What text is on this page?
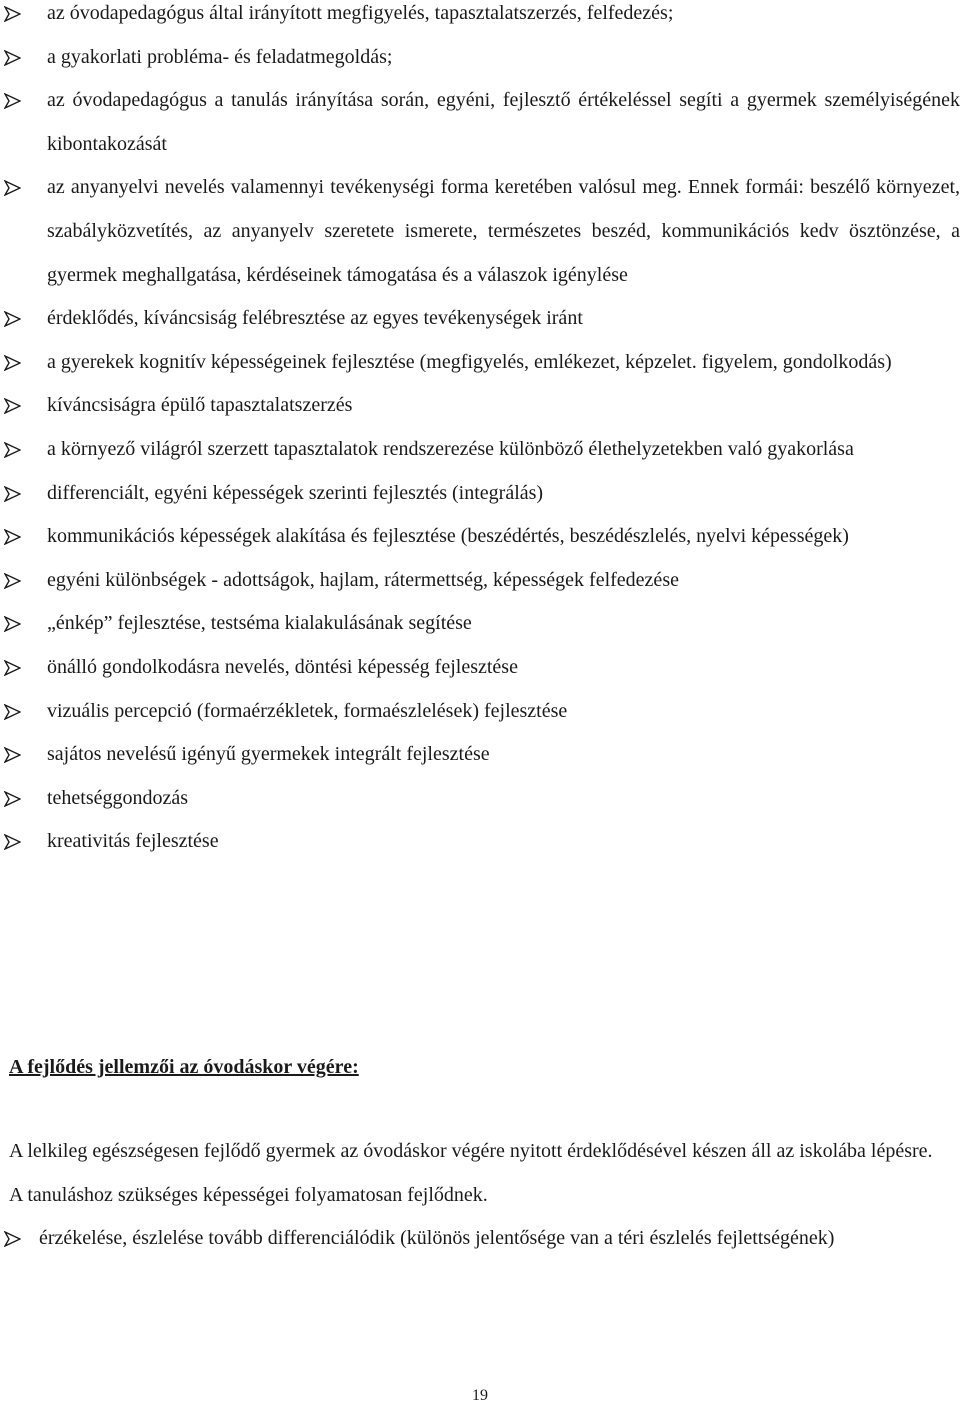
az óvodapedagógus által irányított megfigyelés, tapasztalatszerzés, felfedezés;
a gyakorlati probléma- és feladatmegoldás;
az óvodapedagógus a tanulás irányítása során, egyéni, fejlesztő értékeléssel segíti a gyermek személyiségének kibontakozását
az anyanyelvi nevelés valamennyi tevékenységi forma keretében valósul meg. Ennek formái: beszélő környezet, szabályközvetítés, az anyanyelv szeretete ismerete, természetes beszéd, kommunikációs kedv ösztönzése, a gyermek meghallgatása, kérdéseinek támogatása és a válaszok igénylése
érdeklődés, kíváncsiság felébresztése az egyes tevékenységek iránt
a gyerekek kognitív képességeinek fejlesztése (megfigyelés, emlékezet, képzelet. figyelem, gondolkodás)
kíváncsiságra épülő tapasztalatszerzés
a környező világról szerzett tapasztalatok rendszerezése különböző élethelyzetekben való gyakorlása
differenciált, egyéni képességek szerinti fejlesztés (integrálás)
kommunikációs képességek alakítása és fejlesztése (beszédértés, beszédészlelés, nyelvi képességek)
egyéni különbségek - adottságok, hajlam, rátermettség, képességek felfedezése
„énkép” fejlesztése, testséma kialakulásának segítése
önálló gondolkodásra nevelés, döntési képesség fejlesztése
vizuális percepció (formaérzékletek, formaészlelések) fejlesztése
sajátos nevelésű igényű gyermekek integrált fejlesztése
tehetséggondozás
kreativitás fejlesztése
A fejlődés jellemzői az óvodáskor végére:

A lelkileg egészségesen fejlődő gyermek az óvodáskor végére nyitott érdeklődésével készen áll az iskolába lépésre. A tanuláshoz szükséges képességei folyamatosan fejlődnek.

érzékelése, észlelése tovább differenciálódik (különös jelentősége van a téri észlelés fejlettségének)
19
